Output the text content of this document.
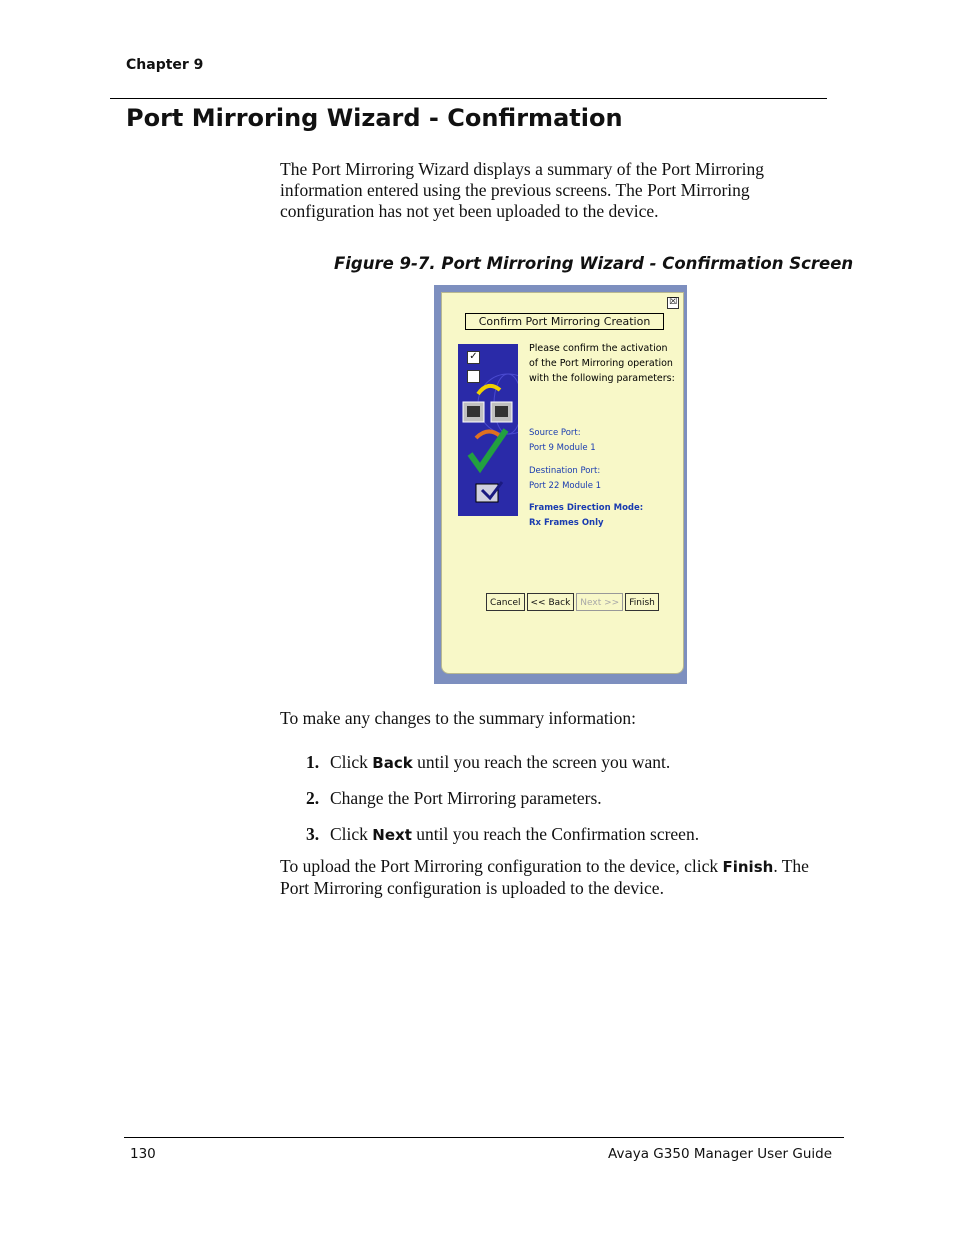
Chapter 9
Port Mirroring Wizard - Confirmation

The Port Mirroring Wizard displays a summary of the Port Mirroring information entered using the previous screens. The Port Mirroring configuration has not yet been uploaded to the device.

Figure 9-7. Port Mirroring Wizard - Confirmation Screen

☒
Confirm Port Mirroring Creation
✓

Please confirm the activation of the Port Mirroring operation with the following parameters:

Source Port:
Port 9 Module 1
Destination Port:
Port 22 Module 1
Frames Direction Mode:
Rx Frames Only
Cancel	<< Back	Next >>	Finish

To make any changes to the summary information:

1. Click Back until you reach the screen you want.
2. Change the Port Mirroring parameters.
3. Click Next until you reach the Confirmation screen.

To upload the Port Mirroring configuration to the device, click Finish. The Port Mirroring configuration is uploaded to the device.

130	Avaya G350 Manager User Guide
